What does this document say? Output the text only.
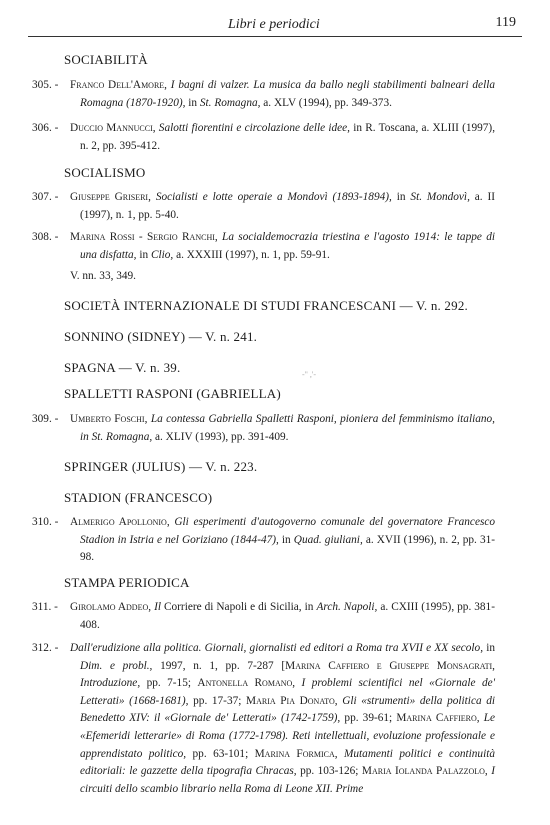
Libri e periodici	119
SOCIABILITÀ
305. - Franco Dell'Amore, I bagni di valzer. La musica da ballo negli stabilimenti balneari della Romagna (1870-1920), in St. Romagna, a. XLV (1994), pp. 349-373.
306. - Duccio Mannucci, Salotti fiorentini e circolazione delle idee, in R. Toscana, a. XLIII (1997), n. 2, pp. 395-412.
SOCIALISMO
307. - Giuseppe Griseri, Socialisti e lotte operaie a Mondovì (1893-1894), in St. Mondovì, a. II (1997), n. 1, pp. 5-40.
308. - Marina Rossi - Sergio Ranchi, La socialdemocrazia triestina e l'agosto 1914: le tappe di una disfatta, in Clio, a. XXXIII (1997), n. 1, pp. 59-91.
V. nn. 33, 349.
SOCIETÀ INTERNAZIONALE DI STUDI FRANCESCANI — V. n. 292.
SONNINO (SIDNEY) — V. n. 241.
SPAGNA — V. n. 39.	-" ,'-
SPALLETTI RASPONI (GABRIELLA)
309. - Umberto Foschi, La contessa Gabriella Spalletti Rasponi, pioniera del femminismo italiano, in St. Romagna, a. XLIV (1993), pp. 391-409.
SPRINGER (JULIUS) — V. n. 223.
STADION (FRANCESCO)
310. - Almerigo Apollonio, Gli esperimenti d'autogoverno comunale del governatore Francesco Stadion in Istria e nel Goriziano (1844-47), in Quad. giuliani, a. XVII (1996), n. 2, pp. 31-98.
STAMPA PERIODICA
311. - Girolamo Addeo, Il Corriere di Napoli e di Sicilia, in Arch. Napoli, a. CXIII (1995), pp. 381-408.
312. - Dall'erudizione alla politica. Giornali, giornalisti ed editori a Roma tra XVII e XX secolo, in Dim. e probl., 1997, n. 1, pp. 7-287 [Marina Caffiero e Giuseppe Monsagrati, Introduzione, pp. 7-15; Antonella Romano, I problemi scientifici nel «Giornale de' Letterati» (1668-1681), pp. 17-37; Maria Pia Donato, Gli «strumenti» della politica di Benedetto XIV: il «Giornale de' Letterati» (1742-1759), pp. 39-61; Marina Caffiero, Le «Efemeridi letterarie» di Roma (1772-1798). Reti intellettuali, evoluzione professionale e apprendistato politico, pp. 63-101; Marina Formica, Mutamenti politici e continuità editoriali: le gazzette della tipografia Chracas, pp. 103-126; Maria Iolanda Palazzolo, I circuiti dello scambio librario nella Roma di Leone XII. Prime
